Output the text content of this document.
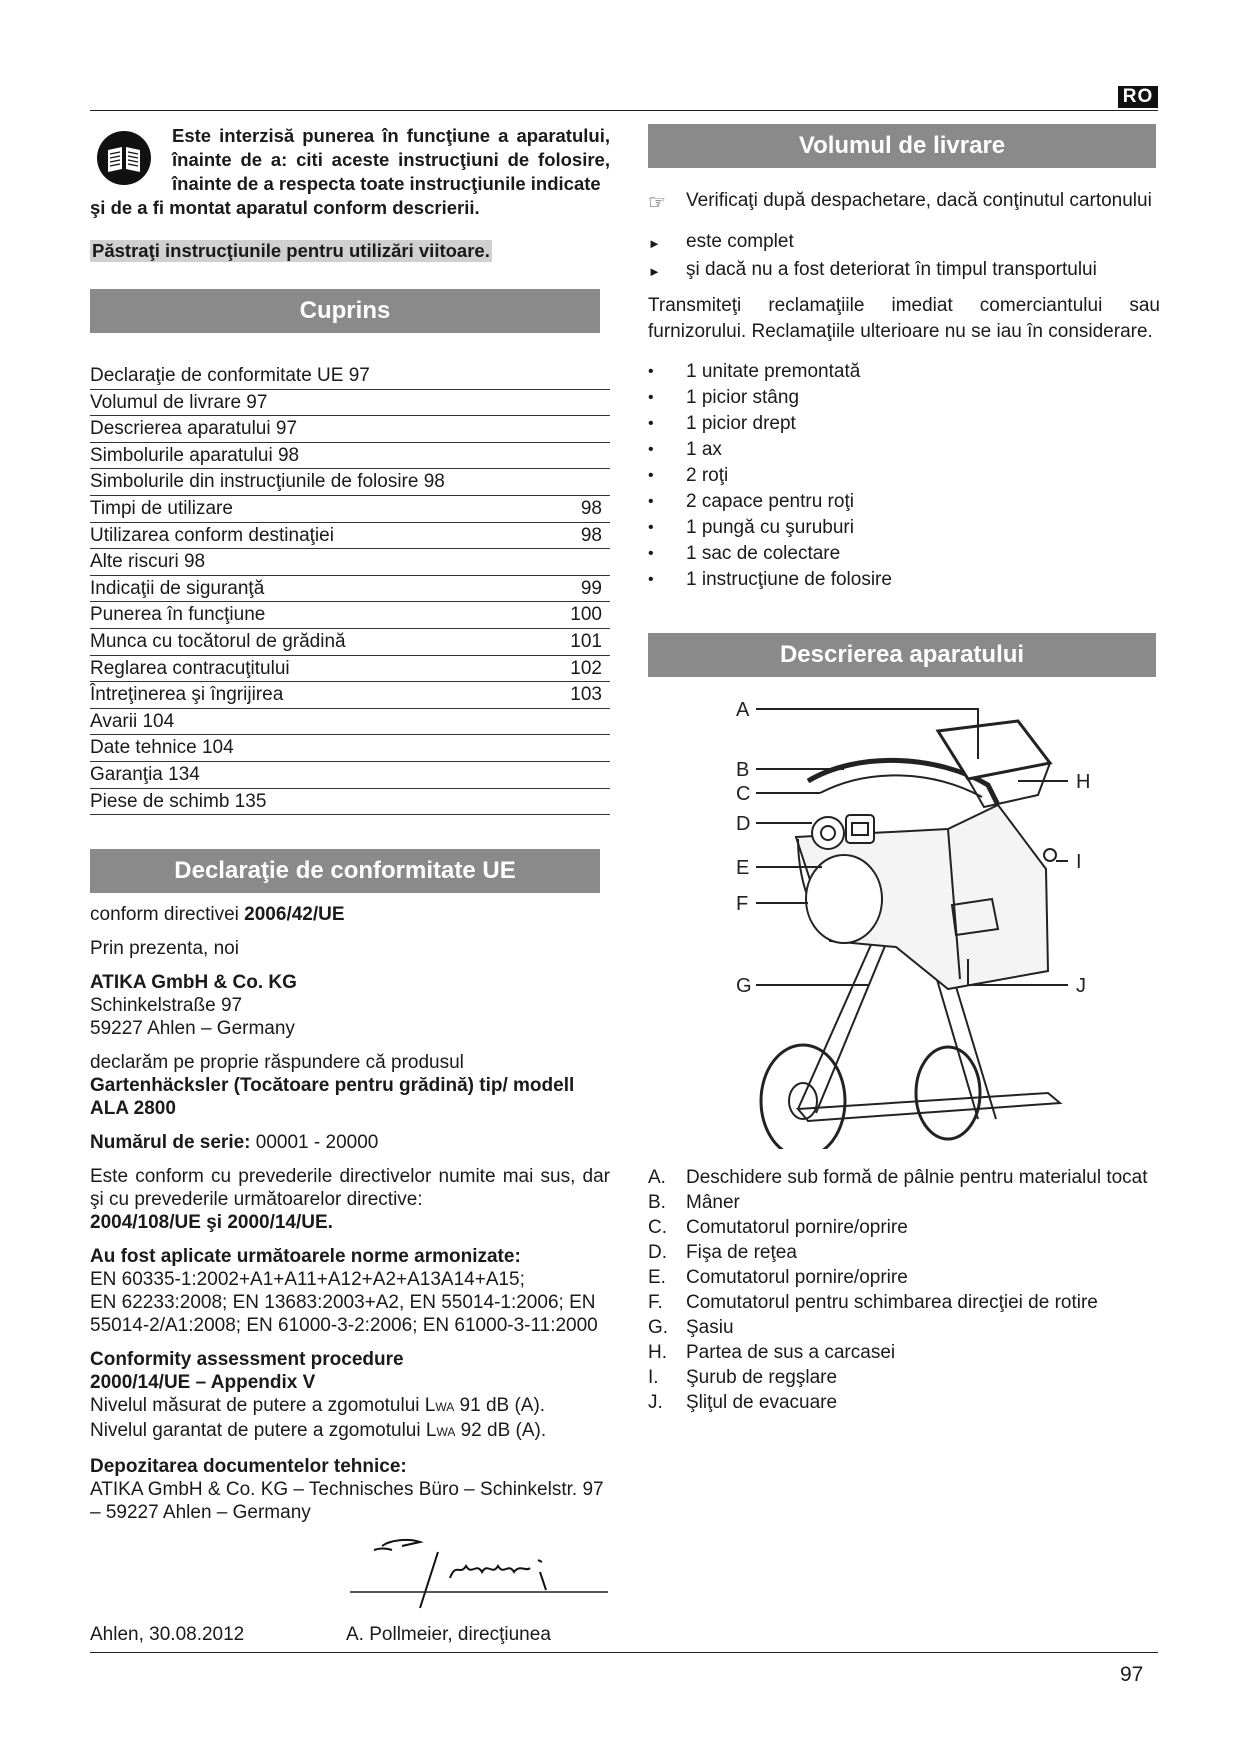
RO
Este interzisă punerea în funcţiune a aparatului, înainte de a: citi aceste instrucţiuni de folosire, înainte de a respecta toate instrucţiunile indicate
şi de a fi montat aparatul conform descrierii.
Păstraţi instrucţiunile pentru utilizări viitoare.
Cuprins
Declaraţie de conformitate UE 97
Volumul de livrare 97
Descrierea aparatului 97
Simbolurile aparatului 98
Simbolurile din instrucţiunile de folosire 98
Timpi de utilizare	98
Utilizarea conform destinaţiei	98
Alte riscuri 98
Indicaţii de siguranţă	99
Punerea în funcţiune	100
Munca cu tocătorul de grădină	101
Reglarea contracuţitului	102
Întreţinerea şi îngrijirea	103
Avarii 104
Date tehnice 104
Garanţia 134
Piese de schimb 135
Declaraţie de conformitate UE

conform directivei 2006/42/UE

Prin prezenta, noi

ATIKA GmbH & Co. KG

Schinkelstraße 97

59227 Ahlen – Germany

declarăm pe proprie răspundere că produsul

Gartenhäcksler (Tocătoare pentru grădină) tip/ modell

ALA 2800

Numărul de serie: 00001 - 20000

Este conform cu prevederile directivelor numite mai sus, dar şi cu prevederile următoarelor directive:

2004/108/UE şi 2000/14/UE.

Au fost aplicate următoarele norme armonizate:

EN 60335-1:2002+A1+A11+A12+A2+A13A14+A15;

EN 62233:2008; EN 13683:2003+A2, EN 55014-1:2006; EN 55014-2/A1:2008; EN 61000-3-2:2006; EN 61000-3-11:2000

Conformity assessment procedure

2000/14/UE – Appendix V

Nivelul măsurat de putere a zgomotului LWA 91 dB (A).

Nivelul garantat de putere a zgomotului LWA 92 dB (A).

Depozitarea documentelor tehnice:

ATIKA GmbH & Co. KG – Technisches Büro – Schinkelstr. 97 – 59227 Ahlen – Germany

Ahlen, 30.08.2012	A. Pollmeier, direcţiunea
Volumul de livrare
☞	Verificaţi după despachetare, dacă conţinutul cartonului
►	este complet
►	şi dacă nu a fost deteriorat în timpul transportului
Transmiteţi reclamaţiile imediat comerciantului sau furnizorului. Reclamaţiile ulterioare nu se iau în considerare.
•	1 unitate premontată
•	1 picior stâng
•	1 picior drept
•	1 ax
•	2 roţi
•	2 capace pentru roţi
•	1 pungă cu şuruburi
•	1 sac de colectare
•	1 instrucţiune de folosire
Descrierea aparatului
A
B
C
D
E
F
G
H
I
J
A.	Deschidere sub formă de pâlnie pentru materialul tocat
B.	Mâner
C.	Comutatorul pornire/oprire
D.	Fişa de reţea
E.	Comutatorul pornire/oprire
F.	Comutatorul pentru schimbarea direcţiei de rotire
G. Şasiu
H.	Partea de sus a carcasei
I.	Şurub de regşlare
J.	Şliţul de evacuare
97
